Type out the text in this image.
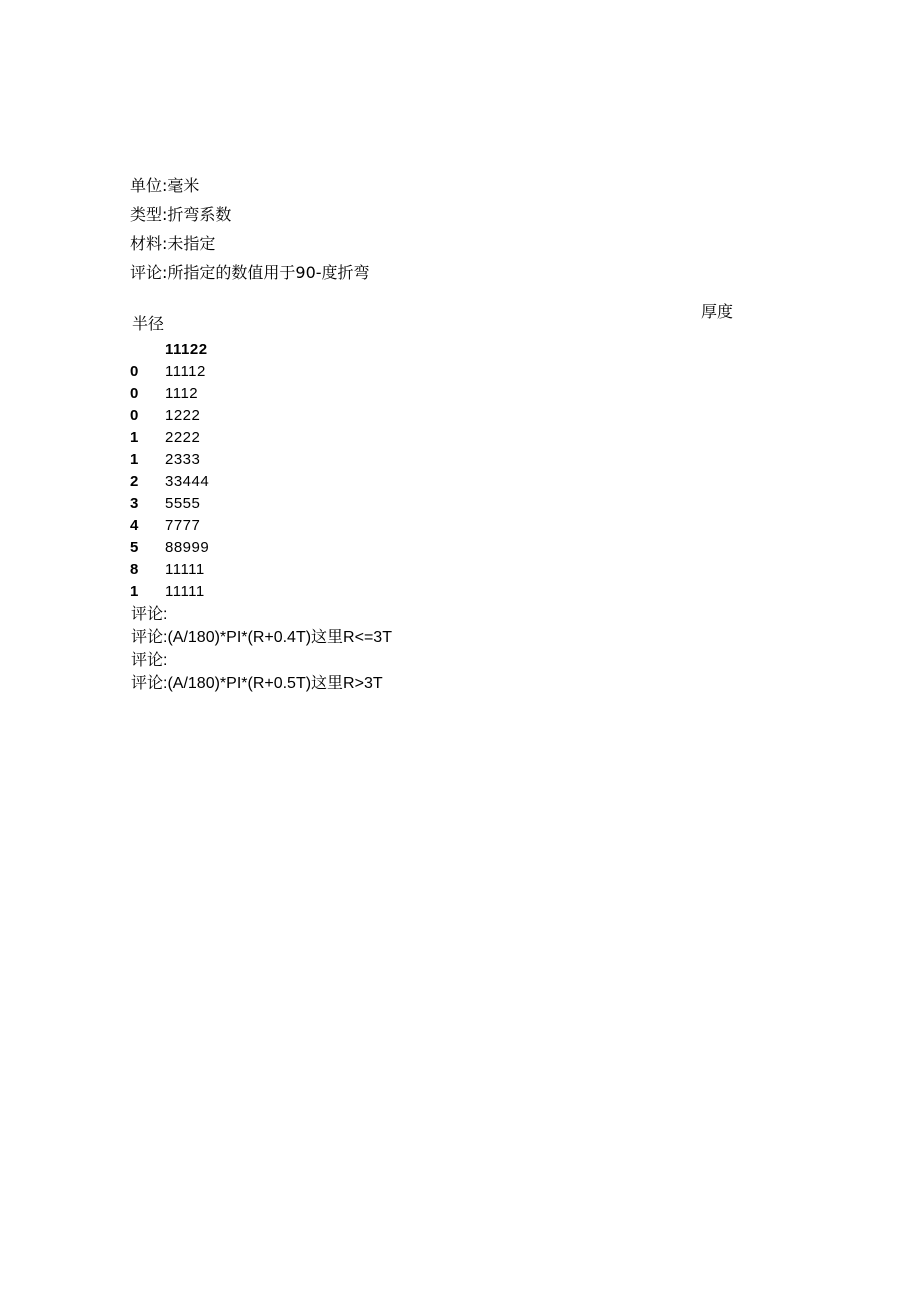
单位:毫米
类型:折弯系数
材料:未指定
评论:所指定的数值用于90-度折弯
厚度
半径
11122
0 11112
0 1112
0 1222
1 2222
1 2333
2 33444
3 5555
4 7777
5 88999
8 11111
1 11111
评论:
评论:(A/180)*PI*(R+0.4T)这里R<=3T
评论:
评论:(A/180)*PI*(R+0.5T)这里R>3T
